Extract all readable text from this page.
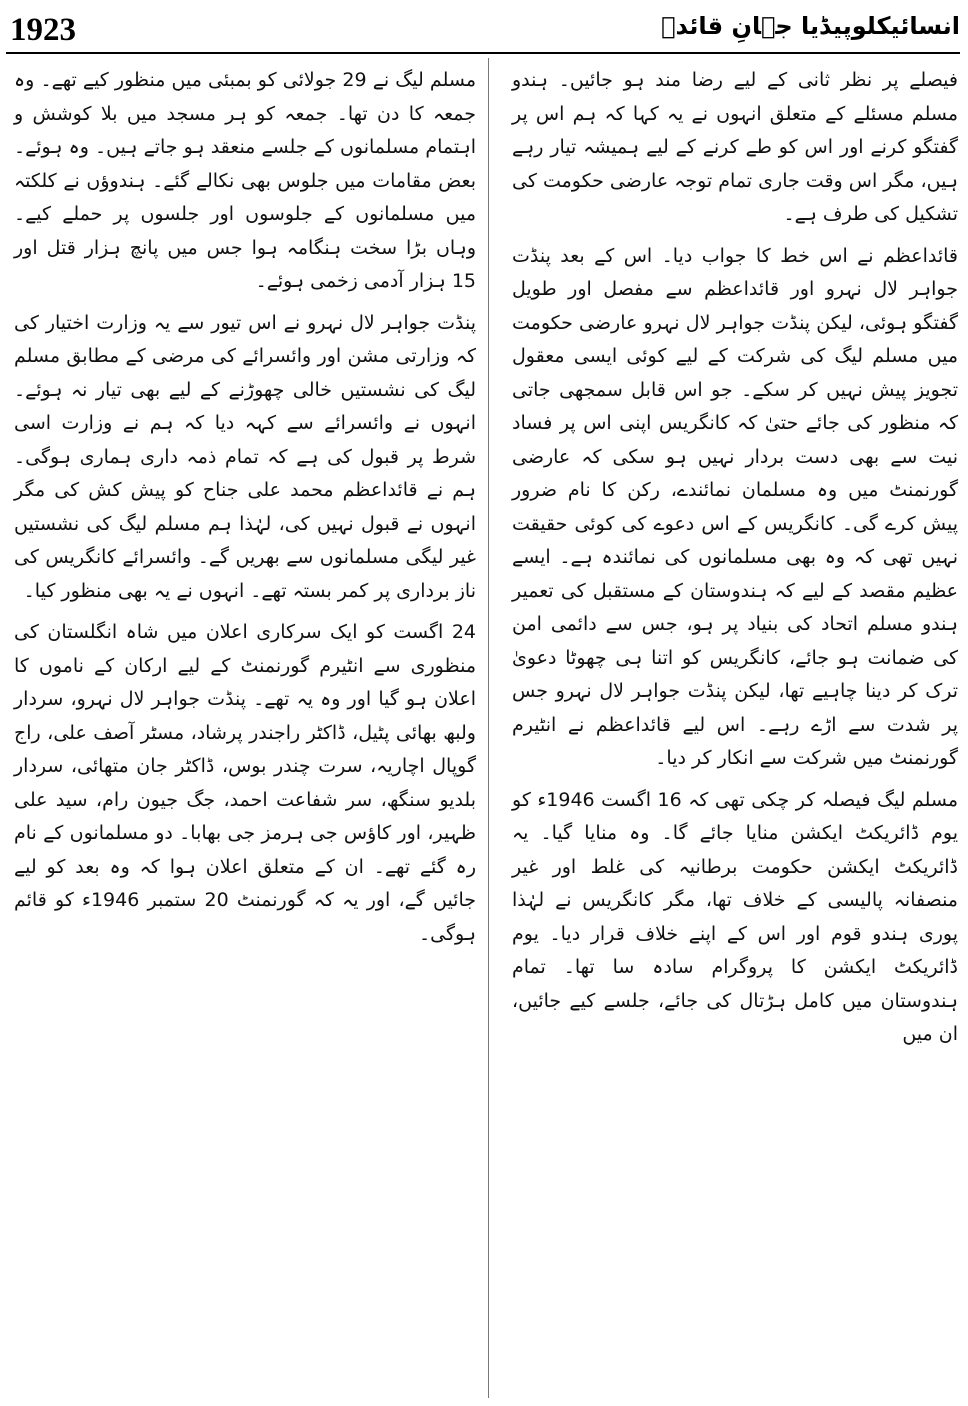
1923	انسائیکلوپیڈیا جہانِ قائدؒ

فیصلے پر نظر ثانی کے لیے رضا مند ہو جائیں۔ ہندو مسلم مسئلے کے متعلق انہوں نے یہ کہا کہ ہم اس پر گفتگو کرنے اور اس کو طے کرنے کے لیے ہمیشہ تیار رہے ہیں، مگر اس وقت جاری تمام توجہ عارضی حکومت کی تشکیل کی طرف ہے۔

قائداعظم نے اس خط کا جواب دیا۔ اس کے بعد پنڈت جواہر لال نہرو اور قائداعظم سے مفصل اور طویل گفتگو ہوئی، لیکن پنڈت جواہر لال نہرو عارضی حکومت میں مسلم لیگ کی شرکت کے لیے کوئی ایسی معقول تجویز پیش نہیں کر سکے۔ جو اس قابل سمجھی جاتی کہ منظور کی جائے حتیٰ کہ کانگریس اپنی اس پر فساد نیت سے بھی دست بردار نہیں ہو سکی کہ عارضی گورنمنٹ میں وہ مسلمان نمائندے، رکن کا نام ضرور پیش کرے گی۔ کانگریس کے اس دعوے کی کوئی حقیقت نہیں تھی کہ وہ بھی مسلمانوں کی نمائندہ ہے۔ ایسے عظیم مقصد کے لیے کہ ہندوستان کے مستقبل کی تعمیر ہندو مسلم اتحاد کی بنیاد پر ہو، جس سے دائمی امن کی ضمانت ہو جائے، کانگریس کو اتنا ہی چھوٹا دعویٰ ترک کر دینا چاہیے تھا، لیکن پنڈت جواہر لال نہرو جس پر شدت سے اڑے رہے۔ اس لیے قائداعظم نے انٹیرم گورنمنٹ میں شرکت سے انکار کر دیا۔

مسلم لیگ فیصلہ کر چکی تھی کہ 16 اگست 1946ء کو یوم ڈائریکٹ ایکشن منایا جائے گا۔ وہ منایا گیا۔ یہ ڈائریکٹ ایکشن حکومت برطانیہ کی غلط اور غیر منصفانہ پالیسی کے خلاف تھا، مگر کانگریس نے لہٰذا پوری ہندو قوم اور اس کے اپنے خلاف قرار دیا۔ یوم ڈائریکٹ ایکشن کا پروگرام سادہ سا تھا۔ تمام ہندوستان میں کامل ہڑتال کی جائے، جلسے کیے جائیں، ان میں

مسلم لیگ نے 29 جولائی کو بمبئی میں منظور کیے تھے۔ وہ جمعہ کا دن تھا۔ جمعہ کو ہر مسجد میں بلا کوشش و اہتمام مسلمانوں کے جلسے منعقد ہو جاتے ہیں۔ وہ ہوئے۔ بعض مقامات میں جلوس بھی نکالے گئے۔ ہندوؤں نے کلکتہ میں مسلمانوں کے جلوسوں اور جلسوں پر حملے کیے۔ وہاں بڑا سخت ہنگامہ ہوا جس میں پانچ ہزار قتل اور 15 ہزار آدمی زخمی ہوئے۔

پنڈت جواہر لال نہرو نے اس تیور سے یہ وزارت اختیار کی کہ وزارتی مشن اور وائسرائے کی مرضی کے مطابق مسلم لیگ کی نشستیں خالی چھوڑنے کے لیے بھی تیار نہ ہوئے۔ انہوں نے وائسرائے سے کہہ دیا کہ ہم نے وزارت اسی شرط پر قبول کی ہے کہ تمام ذمہ داری ہماری ہوگی۔ ہم نے قائداعظم محمد علی جناح کو پیش کش کی مگر انہوں نے قبول نہیں کی، لہٰذا ہم مسلم لیگ کی نشستیں غیر لیگی مسلمانوں سے بھریں گے۔ وائسرائے کانگریس کی ناز برداری پر کمر بستہ تھے۔ انہوں نے یہ بھی منظور کیا۔

24 اگست کو ایک سرکاری اعلان میں شاہ انگلستان کی منظوری سے انٹیرم گورنمنٹ کے لیے ارکان کے ناموں کا اعلان ہو گیا اور وہ یہ تھے۔ پنڈت جواہر لال نہرو، سردار ولبھ بھائی پٹیل، ڈاکٹر راجندر پرشاد، مسٹر آصف علی، راج گوپال اچاریہ، سرت چندر بوس، ڈاکٹر جان متھائی، سردار بلدیو سنگھ، سر شفاعت احمد، جگ جیون رام، سید علی ظہیر، اور کاؤس جی ہرمز جی بھابا۔ دو مسلمانوں کے نام رہ گئے تھے۔ ان کے متعلق اعلان ہوا کہ وہ بعد کو لیے جائیں گے، اور یہ کہ گورنمنٹ 20 ستمبر 1946ء کو قائم ہوگی۔
